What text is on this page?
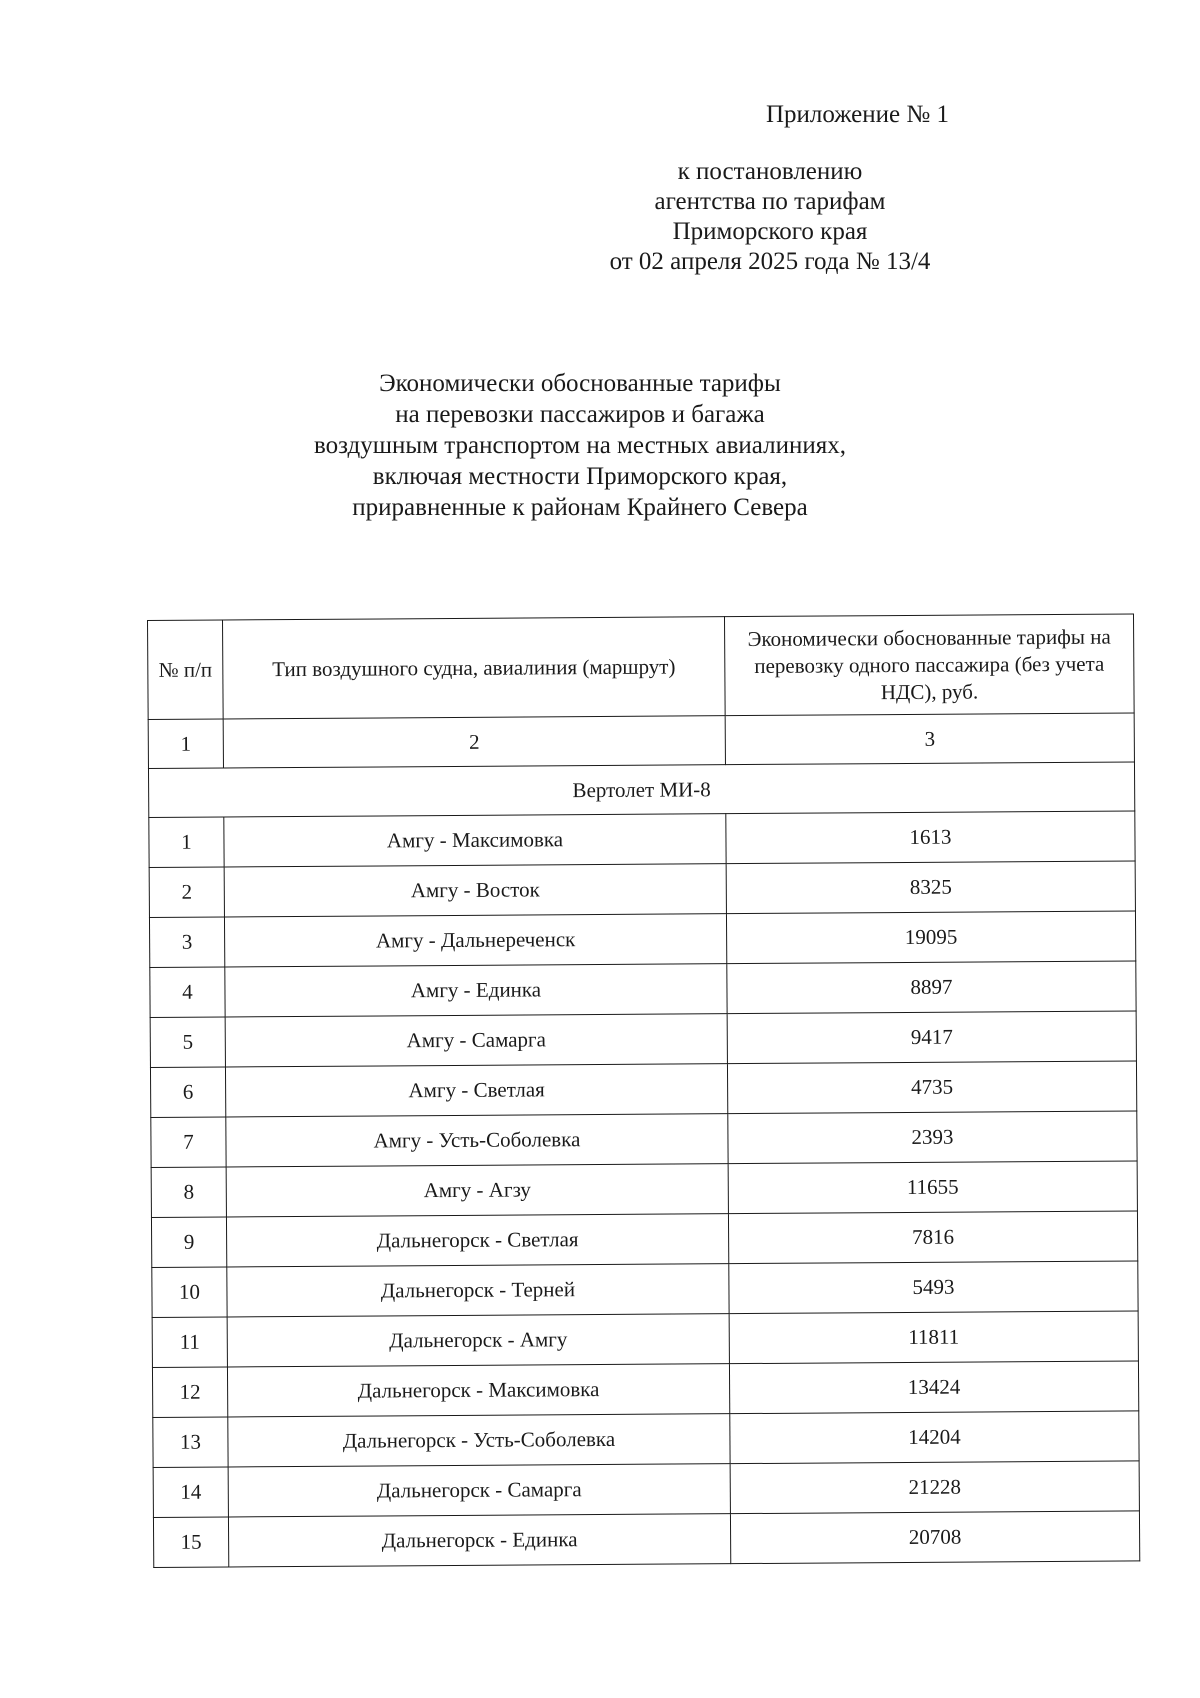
Приложение № 1
к постановлению
агентства по тарифам
Приморского края
от 02 апреля 2025 года № 13/4
Экономически обоснованные тарифы
на перевозки пассажиров и багажа
воздушным транспортом на местных авиалиниях,
включая местности Приморского края,
приравненные к районам Крайнего Севера
№ п/п	Тип воздушного судна, авиалиния (маршрут)	Экономически обоснованные тарифы на перевозку одного пассажира (без учета НДС), руб.
1	2	3
Вертолет МИ-8		
1	Амгу - Максимовка	1613
2	Амгу - Восток	8325
3	Амгу - Дальнереченск	19095
4	Амгу - Единка	8897
5	Амгу - Самарга	9417
6	Амгу - Светлая	4735
7	Амгу - Усть-Соболевка	2393
8	Амгу - Агзу	11655
9	Дальнегорск - Светлая	7816
10	Дальнегорск - Терней	5493
11	Дальнегорск - Амгу	11811
12	Дальнегорск - Максимовка	13424
13	Дальнегорск - Усть-Соболевка	14204
14	Дальнегорск - Самарга	21228
15	Дальнегорск - Единка	20708
